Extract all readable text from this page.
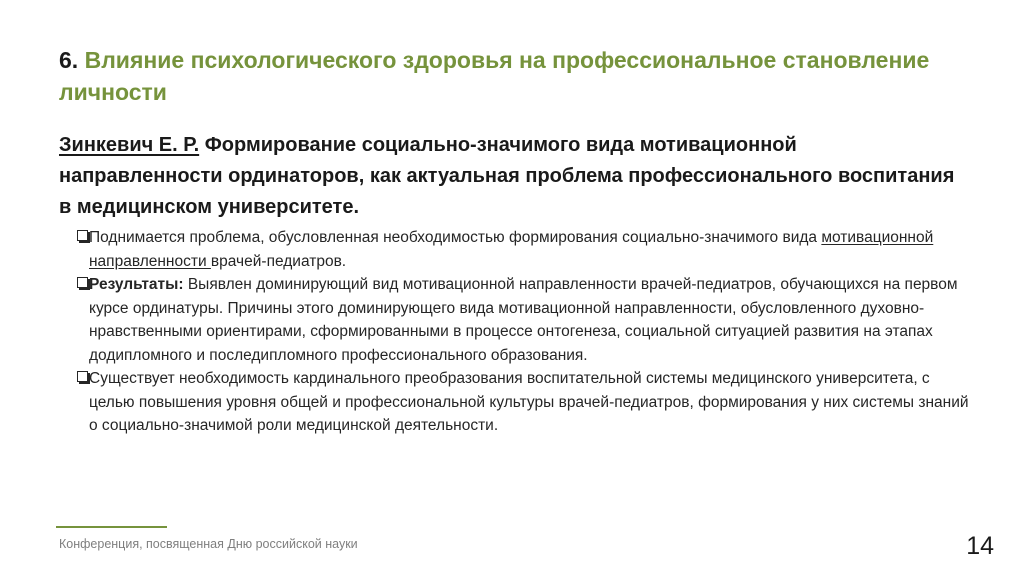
6. Влияние психологического здоровья на профессиональное становление личности
Зинкевич Е. Р. Формирование социально-значимого вида мотивационной направленности ординаторов, как актуальная проблема профессионального воспитания в медицинском университете.
Поднимается проблема, обусловленная необходимостью формирования социально-значимого вида мотивационной направленности врачей-педиатров.
Результаты: Выявлен доминирующий вид мотивационной направленности врачей-педиатров, обучающихся на первом курсе ординатуры. Причины этого доминирующего вида мотивационной направленности, обусловленного духовно-нравственными ориентирами, сформированными в процессе онтогенеза, социальной ситуацией развития на этапах додипломного и последипломного профессионального образования.
Существует необходимость кардинального преобразования воспитательной системы медицинского университета, с целью повышения уровня общей и профессиональной культуры врачей-педиатров, формирования у них системы знаний о социально-значимой роли медицинской деятельности.
Конференция, посвященная Дню российской науки	14
